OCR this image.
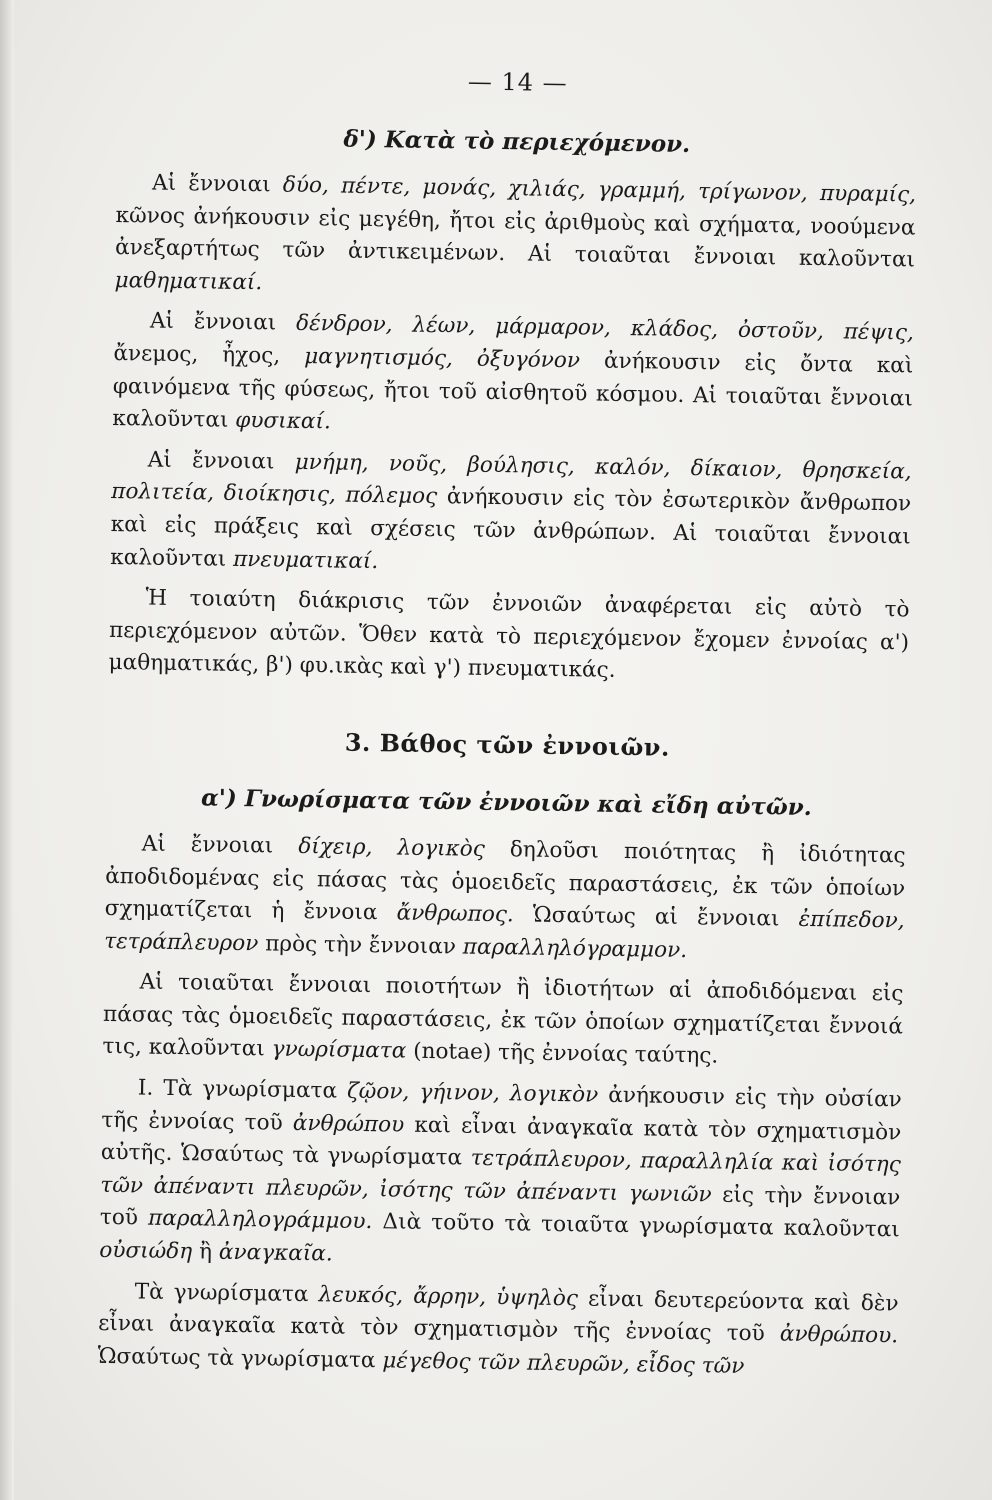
— 14 —
δ') Κατὰ τὸ περιεχόμενον.

Αἱ ἔννοιαι δύο, πέντε, μονάς, χιλιάς, γραμμή, τρίγωνον, πυραμίς, κῶνος ἀνήκουσιν εἰς μεγέθη, ἤτοι εἰς ἀριθμοὺς καὶ σχήματα, νοούμενα ἀνεξαρτήτως τῶν ἀντικειμένων. Αἱ τοιαῦται ἔννοιαι καλοῦνται μαθηματικαί.

Αἱ ἔννοιαι δένδρον, λέων, μάρμαρον, κλάδος, ὀστοῦν, πέψις, ἄνεμος, ἦχος, μαγνητισμός, ὀξυγόνον ἀνήκουσιν εἰς ὄντα καὶ φαινόμενα τῆς φύσεως, ἤτοι τοῦ αἰσθητοῦ κόσμου. Αἱ τοιαῦται ἔννοιαι καλοῦνται φυσικαί.

Αἱ ἔννοιαι μνήμη, νοῦς, βούλησις, καλόν, δίκαιον, θρησκεία, πολιτεία, διοίκησις, πόλεμος ἀνήκουσιν εἰς τὸν ἐσωτερικὸν ἄνθρωπον καὶ εἰς πράξεις καὶ σχέσεις τῶν ἀνθρώπων. Αἱ τοιαῦται ἔννοιαι καλοῦνται πνευματικαί.

Ἡ τοιαύτη διάκρισις τῶν ἐννοιῶν ἀναφέρεται εἰς αὐτὸ τὸ περιεχόμενον αὐτῶν. Ὅθεν κατὰ τὸ περιεχόμενον ἔχομεν ἐννοίας α') μαθηματικάς, β') φυ.ικὰς καὶ γ') πνευματικάς.

3. Βάθος τῶν ἐννοιῶν.
α') Γνωρίσματα τῶν ἐννοιῶν καὶ εἴδη αὐτῶν.

Αἱ ἔννοιαι δίχειρ, λογικὸς δηλοῦσι ποιότητας ἢ ἰδιότητας ἀποδιδομένας εἰς πάσας τὰς ὁμοειδεῖς παραστάσεις, ἐκ τῶν ὁποίων σχηματίζεται ἡ ἔννοια ἄνθρωπος. Ὡσαύτως αἱ ἔννοιαι ἐπίπεδον, τετράπλευρον πρὸς τὴν ἔννοιαν παραλληλόγραμμον.

Αἱ τοιαῦται ἔννοιαι ποιοτήτων ἢ ἰδιοτήτων αἱ ἀποδιδόμεναι εἰς πάσας τὰς ὁμοειδεῖς παραστάσεις, ἐκ τῶν ὁποίων σχηματίζεται ἔννοιά τις, καλοῦνται γνωρίσματα (notae) τῆς ἐννοίας ταύτης.

I. Τὰ γνωρίσματα ζῷον, γήινον, λογικὸν ἀνήκουσιν εἰς τὴν οὐσίαν τῆς ἐννοίας τοῦ ἀνθρώπου καὶ εἶναι ἀναγκαῖα κατὰ τὸν σχηματισμὸν αὐτῆς. Ὡσαύτως τὰ γνωρίσματα τετράπλευρον, παραλληλία καὶ ἰσότης τῶν ἀπέναντι πλευρῶν, ἰσότης τῶν ἀπέναντι γωνιῶν εἰς τὴν ἔννοιαν τοῦ παραλληλογράμμου. Διὰ τοῦτο τὰ τοιαῦτα γνωρίσματα καλοῦνται οὐσιώδη ἢ ἀναγκαῖα.

Τὰ γνωρίσματα λευκός, ἄρρην, ὑψηλὸς εἶναι δευτερεύοντα καὶ δὲν εἶναι ἀναγκαῖα κατὰ τὸν σχηματισμὸν τῆς ἐννοίας τοῦ ἀνθρώπου. Ὡσαύτως τὰ γνωρίσματα μέγεθος τῶν πλευρῶν, εἶδος τῶν
